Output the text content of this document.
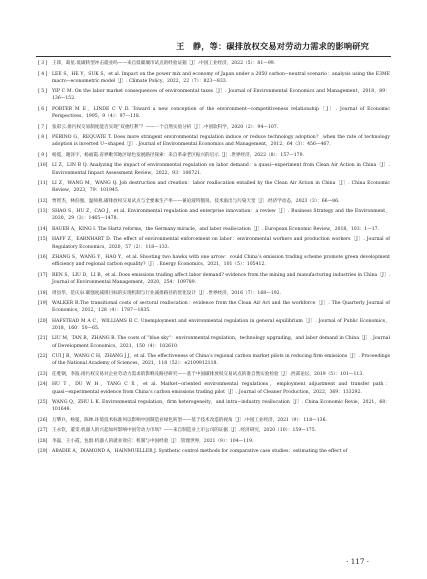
王　静，等：碳排放权交易对劳动力需求的影响研究
[ 3 ] 王锋，葛星.低碳转型冲击就业吗——来自低碳城市试点的经验证据［J］.中国工业经济，2022（5）：81—99.
[ 4 ] LEE S，HE Y，SUK S，et al. Impact on the power mix and economy of Japan under a 2050 carbon−neutral scenario：analysis using the E3ME macro−econometric model［J］. Climate Policy，2022，22（7）：823—833.
[ 5 ] YIP C M. On the labor market consequences of environmental taxes［J］. Journal of Environmental Economics and Management，2018，89：136—152.
[ 6 ] PORTER M E，LINDE C V D. Toward a new conception of the environment−competitiveness relationship［J］. Journal of Economic Perspectives，1995，9（4）：97—118.
[ 7 ] 张彩云.排污权交易制度能否实现“双重红利”？——一个自然实验分析［J］.中国软科学，2020（2）：94—107.
[ 8 ] PERINO G，REQUATE T. Does more stringent environmental regulation induce or reduce technology adoption？ when the rate of technology adoption is inverted U−shaped［J］. Journal of Environmental Economics and Management，2012，64（3）：456—467.
[ 9 ] 杨冕，谢泽宇，杨福霞.省界毗邻地区绿色发展路径探索：来自革命老区振兴的启示［J］.世界经济，2022（8）：157—179.
[10] LI Z，LIN B Q. Analyzing the impact of environmental regulation on labor demand：a quasi−experiment from Clean Air Action in China［J］. Environmental Impact Assessment Review，2022，93：106721.
[11] LI Z，WANG M，WANG Q. Job destruction and creation：labor reallocation entailed by the Clean Air Action in China［J］. China Economic Review，2023，79：101945.
[12] 贾智杰，林伯强，温师燕.碳排放权交易试点与全要素生产率——兼论波特假说、技术溢出与污染天堂［J］.经济学动态，2023（3）：66—86.
[13] SHAO S，HU Z，CAO J，et al. Environmental regulation and enterprise innovation：a review［J］. Business Strategy and the Environment，2020，29（3）：1465—1478.
[14] BAUER A，KING I. The Hartz reforms，the Germany miracle，and labor reallocation［J］. European Economic Review，2018，103：1—17.
[15] HAFF Z，EARNHART D. The effect of environmental enforcement on labor：environmental workers and production workers［J］. Journal of Regulatory Economics，2020，57（2）：118—133.
[16] ZHANG S，WANG Y，HAO Y，et al. Shooting two hawks with one arrow：could China’s emission trading scheme promote green development efficiency and regional carbon equality?［J］. Energy Economics，2021，101（5）：105412.
[17] REN S，LIU D，LI B，et al. Does emissions trading affect labor demand? evidence from the mining and manufacturing industries in China［J］. Journal of Environmental Management，2020，254：109789.
[18] 周县华，范庆泉.碳强度减排目标的实现机制与行业减排路径的优化设计［J］.世界经济，2016（7）：168—192.
[19] WALKER R.The transitional costs of sectoral reallocation：evidence from the Clean Air Act and the workforce［J］. The Quarterly Journal of Economics，2012，128（4）：1787—1835.
[20] HAFSTEAD M A C，WILLIAMS R C. Unemployment and environmental regulation in general equilibrium［J］. Journal of Public Economics，2018，160：50—65.
[21] LIU M，TAN R，ZHANG B. The costs of “blue sky”：environmental regulation，technology upgrading，and labor demand in China［J］. Journal of Development Economics，2021，150（4）：102610.
[22] CUI J B，WANG C H，ZHANG J J，et al. The effectiveness of China’s regional carbon market pilots in reducing firm emissions［J］. Proceedings of the National Academy of Sciences，2021，118（52）：e2109912118.
[23] 任胜钢，李波.排污权交易对企业劳动力需求的影响及路径研究——基于中国碳排放权交易试点的准自然实验检验［J］.西部论坛，2019（5）：101—113.
[24] HU T，DU W H，TANG C X，et al. Market−oriented environmental regulations，employment adjustment and transfer path：quasi−experimental evidence from China’s carbon emissions trading pilot［J］. Journal of Cleaner Production，2022，369：133292.
[25] WANG Q，ZHU L K. Environmental regulation，firm heterogeneity，and intra−industry reallocation［J］. China Economic Revie，2021，68：101648.
[26] 万攀兵，杨冕，陈林.环境技术标准何以影响中国制造业绿色转型——基于技术改造的视角［J］.中国工业经济，2021（9）：118—136.
[27] 王永钦，董雯.机器人的兴起如何影响中国劳动力市场？——来自制造业上市公司的证据［J］.经济研究，2020（10）：159—175.
[28] 李磊，王小霞，包群.机器人的就业效应：机制与中国经验［J］.管理世界，2021（9）：104—119.
[29] ABADIE A，DIAMOND A，HAINMUELLER J. Synthetic control methods for comparative case studies：estimating the effect of
· 117 ·
